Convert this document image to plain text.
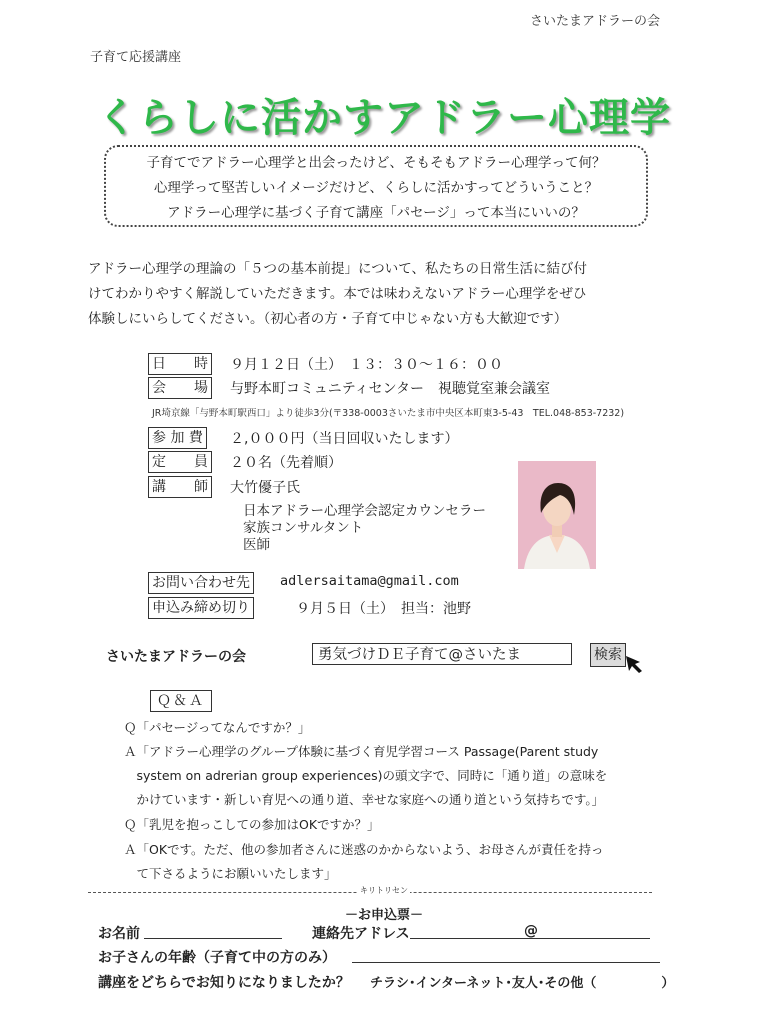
さいたまアドラーの会
子育て応援講座
くらしに活かすアドラー心理学
子育てでアドラー心理学と出会ったけど、そもそもアドラー心理学って何？
心理学って堅苦しいイメージだけど、くらしに活かすってどういうこと？
アドラー心理学に基づく子育て講座「パセージ」って本当にいいの？
アドラー心理学の理論の「５つの基本前提」について、私たちの日常生活に結び付
けてわかりやすく解説していただきます。本では味わえないアドラー心理学をぜひ
体験しにいらしてください。（初心者の方・子育て中じゃない方も大歓迎です）
日　　時 ９月１２日（土）　１３：３０〜１６：００
会　　場 与野本町コミュニティセンター　視聴覚室兼会議室
JR埼京線「与野本町駅西口」より徒歩3分(〒338-0003さいたま市中央区本町東3-5-43　TEL.048-853-7232)
参 加 費 ２,０００円（当日回収いたします）
定　　員 ２０名（先着順）
講　　師 大竹優子氏
日本アドラー心理学会認定カウンセラー
家族コンサルタント
医師
お問い合わせ先 adlersaitama@gmail.com
申込み締め切り	９月５日（土）　担当：池野
さいたまアドラーの会	勇気づけＤＥ子育て@さいたま	検索
Ｑ＆Ａ
Ｑ「パセージってなんですか？」
Ａ「アドラー心理学のグループ体験に基づく育児学習コース Passage(Parent study
　system on adrerian group experiences)の頭文字で、同時に「通り道」の意味を
　かけています・新しい育児への通り道、幸せな家庭への通り道という気持ちです。」
Ｑ「乳児を抱っこしての参加はOKですか？」
Ａ「OKです。ただ、他の参加者さんに迷惑のかからないよう、お母さんが責任を持っ
　て下さるようにお願いいたします」
キリトリセン
－お申込票－
お名前	連絡先アドレス	@
お子さんの年齢（子育て中の方のみ）
講座をどちらでお知りになりましたか？ チラシ･インターネット･友人･その他（　　　　　）
